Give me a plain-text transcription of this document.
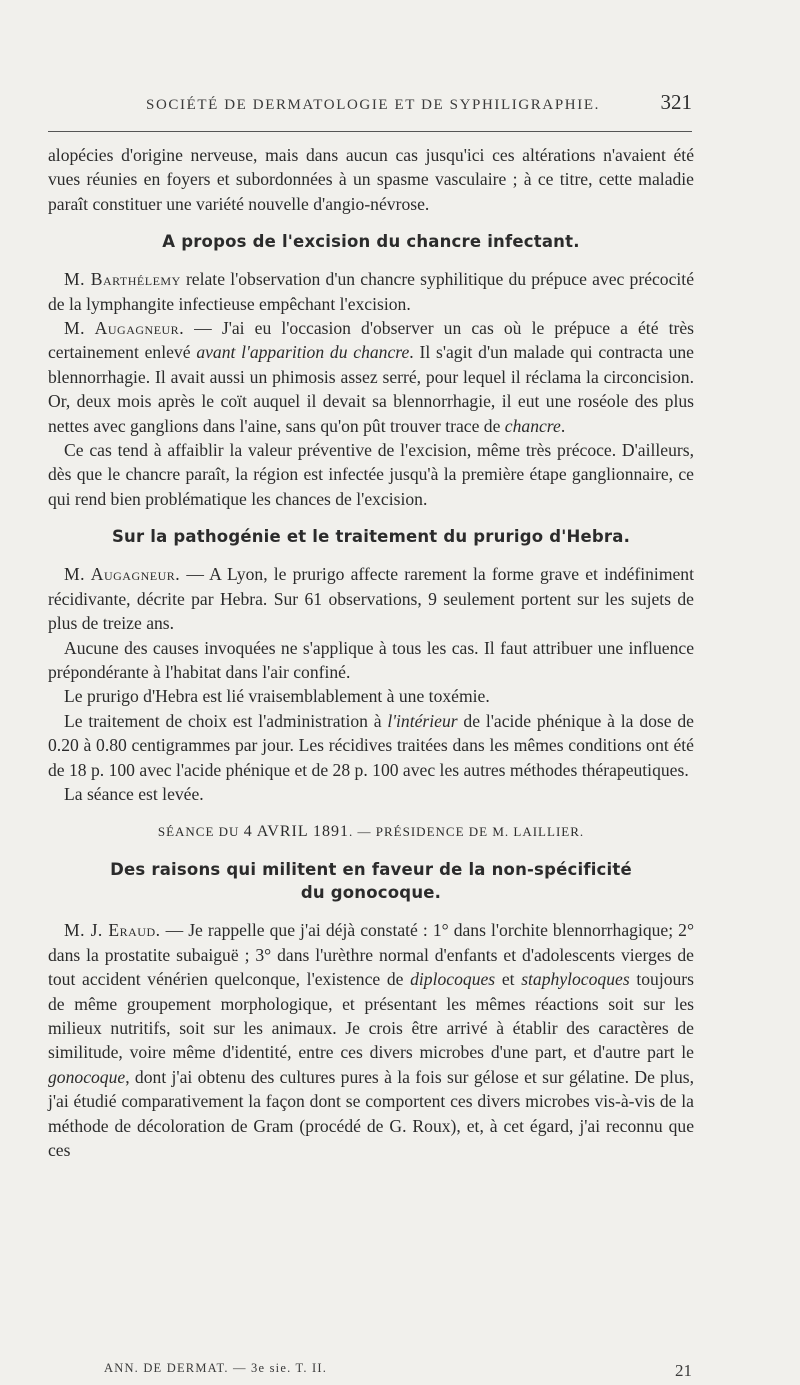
SOCIÉTÉ DE DERMATOLOGIE ET DE SYPHILIGRAPHIE.	321

alopécies d'origine nerveuse, mais dans aucun cas jusqu'ici ces altérations n'avaient été vues réunies en foyers et subordonnées à un spasme vasculaire ; à ce titre, cette maladie paraît constituer une variété nouvelle d'angio-névrose.

A propos de l'excision du chancre infectant.

M. Barthélemy relate l'observation d'un chancre syphilitique du prépuce avec précocité de la lymphangite infectieuse empêchant l'excision.

M. Augagneur. — J'ai eu l'occasion d'observer un cas où le prépuce a été très certainement enlevé avant l'apparition du chancre. Il s'agit d'un malade qui contracta une blennorrhagie. Il avait aussi un phimosis assez serré, pour lequel il réclama la circoncision. Or, deux mois après le coït auquel il devait sa blennorrhagie, il eut une roséole des plus nettes avec ganglions dans l'aine, sans qu'on pût trouver trace de chancre.

Ce cas tend à affaiblir la valeur préventive de l'excision, même très précoce. D'ailleurs, dès que le chancre paraît, la région est infectée jusqu'à la première étape ganglionnaire, ce qui rend bien problématique les chances de l'excision.

Sur la pathogénie et le traitement du prurigo d'Hebra.

M. Augagneur. — A Lyon, le prurigo affecte rarement la forme grave et indéfiniment récidivante, décrite par Hebra. Sur 61 observations, 9 seulement portent sur les sujets de plus de treize ans.

Aucune des causes invoquées ne s'applique à tous les cas. Il faut attribuer une influence prépondérante à l'habitat dans l'air confiné.

Le prurigo d'Hebra est lié vraisemblablement à une toxémie.

Le traitement de choix est l'administration à l'intérieur de l'acide phénique à la dose de 0.20 à 0.80 centigrammes par jour. Les récidives traitées dans les mêmes conditions ont été de 18 p. 100 avec l'acide phénique et de 28 p. 100 avec les autres méthodes thérapeutiques.

La séance est levée.

SÉANCE DU 4 AVRIL 1891. — PRÉSIDENCE DE M. LAILLIER.
Des raisons qui militent en faveur de la non-spécificité
du gonocoque.

M. J. Eraud. — Je rappelle que j'ai déjà constaté : 1° dans l'orchite blennorrhagique; 2° dans la prostatite subaiguë ; 3° dans l'urèthre normal d'enfants et d'adolescents vierges de tout accident vénérien quelconque, l'existence de diplocoques et staphylocoques toujours de même groupement morphologique, et présentant les mêmes réactions soit sur les milieux nutritifs, soit sur les animaux. Je crois être arrivé à établir des caractères de similitude, voire même d'identité, entre ces divers microbes d'une part, et d'autre part le gonocoque, dont j'ai obtenu des cultures pures à la fois sur gélose et sur gélatine. De plus, j'ai étudié comparativement la façon dont se comportent ces divers microbes vis-à-vis de la méthode de décoloration de Gram (procédé de G. Roux), et, à cet égard, j'ai reconnu que ces

ANN. DE DERMAT. — 3e sie. T. II.	21
